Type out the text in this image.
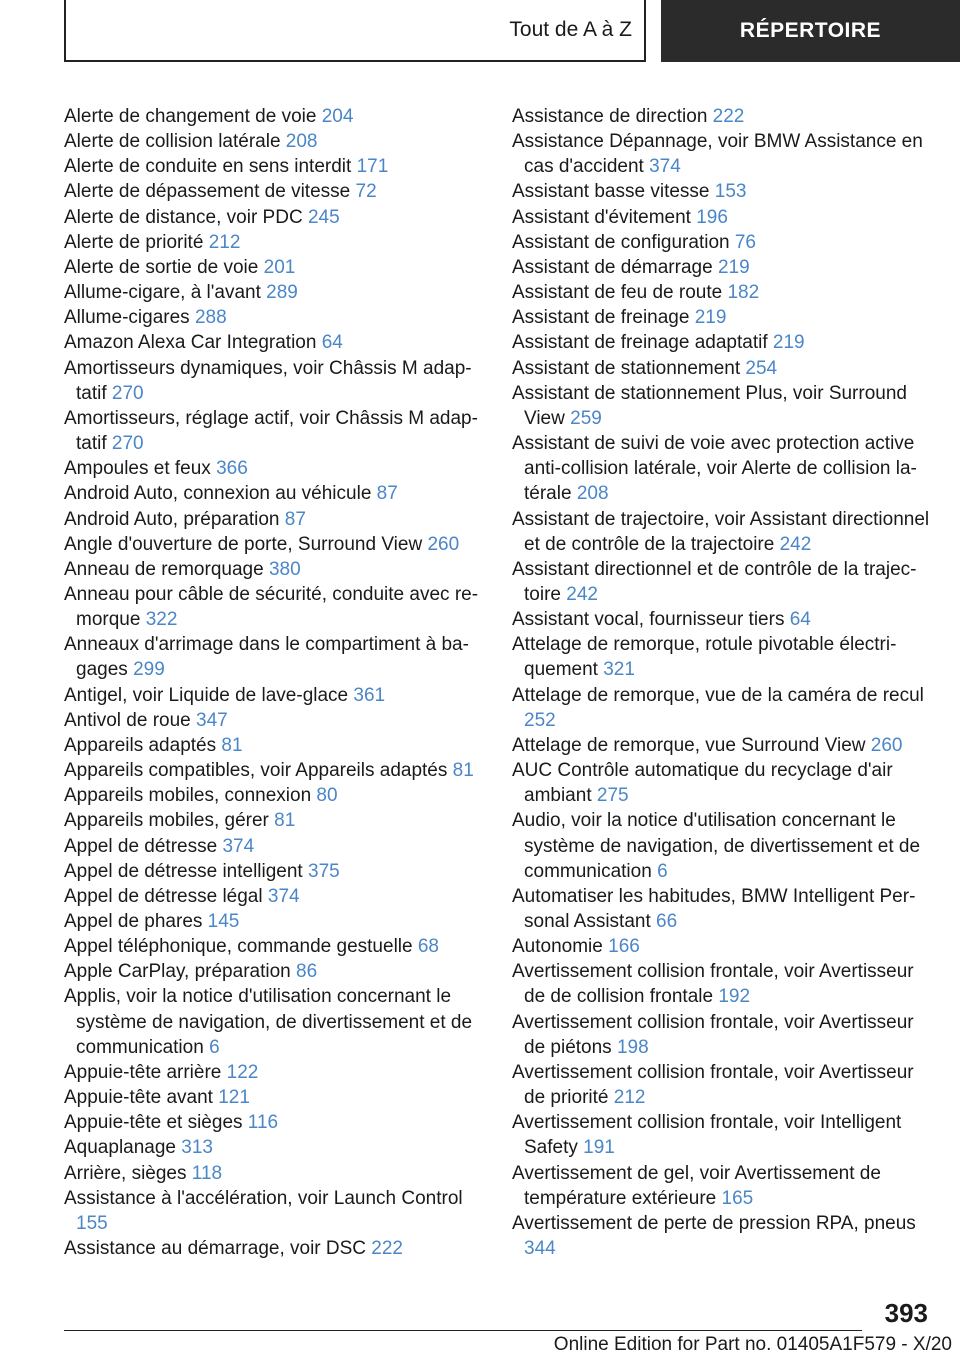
Tout de A à Z	RÉPERTOIRE
Alerte de changement de voie 204
Alerte de collision latérale 208
Alerte de conduite en sens interdit 171
Alerte de dépassement de vitesse 72
Alerte de distance, voir PDC 245
Alerte de priorité 212
Alerte de sortie de voie 201
Allume-cigare, à l'avant 289
Allume-cigares 288
Amazon Alexa Car Integration 64
Amortisseurs dynamiques, voir Châssis M adaptatif 270
Amortisseurs, réglage actif, voir Châssis M adaptatif 270
Ampoules et feux 366
Android Auto, connexion au véhicule 87
Android Auto, préparation 87
Angle d'ouverture de porte, Surround View 260
Anneau de remorquage 380
Anneau pour câble de sécurité, conduite avec remorque 322
Anneaux d'arrimage dans le compartiment à bagages 299
Antigel, voir Liquide de lave-glace 361
Antivol de roue 347
Appareils adaptés 81
Appareils compatibles, voir Appareils adaptés 81
Appareils mobiles, connexion 80
Appareils mobiles, gérer 81
Appel de détresse 374
Appel de détresse intelligent 375
Appel de détresse légal 374
Appel de phares 145
Appel téléphonique, commande gestuelle 68
Apple CarPlay, préparation 86
Applis, voir la notice d'utilisation concernant le système de navigation, de divertissement et de communication 6
Appuie-tête arrière 122
Appuie-tête avant 121
Appuie-tête et sièges 116
Aquaplanage 313
Arrière, sièges 118
Assistance à l'accélération, voir Launch Control 155
Assistance au démarrage, voir DSC 222
Assistance de direction 222
Assistance Dépannage, voir BMW Assistance en cas d'accident 374
Assistant basse vitesse 153
Assistant d'évitement 196
Assistant de configuration 76
Assistant de démarrage 219
Assistant de feu de route 182
Assistant de freinage 219
Assistant de freinage adaptatif 219
Assistant de stationnement 254
Assistant de stationnement Plus, voir Surround View 259
Assistant de suivi de voie avec protection active anti-collision latérale, voir Alerte de collision latérale 208
Assistant de trajectoire, voir Assistant directionnel et de contrôle de la trajectoire 242
Assistant directionnel et de contrôle de la trajectoire 242
Assistant vocal, fournisseur tiers 64
Attelage de remorque, rotule pivotable électriquement 321
Attelage de remorque, vue de la caméra de recul 252
Attelage de remorque, vue Surround View 260
AUC Contrôle automatique du recyclage d'air ambiant 275
Audio, voir la notice d'utilisation concernant le système de navigation, de divertissement et de communication 6
Automatiser les habitudes, BMW Intelligent Personal Assistant 66
Autonomie 166
Avertissement collision frontale, voir Avertisseur de de collision frontale 192
Avertissement collision frontale, voir Avertisseur de piétons 198
Avertissement collision frontale, voir Avertisseur de priorité 212
Avertissement collision frontale, voir Intelligent Safety 191
Avertissement de gel, voir Avertissement de température extérieure 165
Avertissement de perte de pression RPA, pneus 344
393
Online Edition for Part no. 01405A1F579 - X/20
